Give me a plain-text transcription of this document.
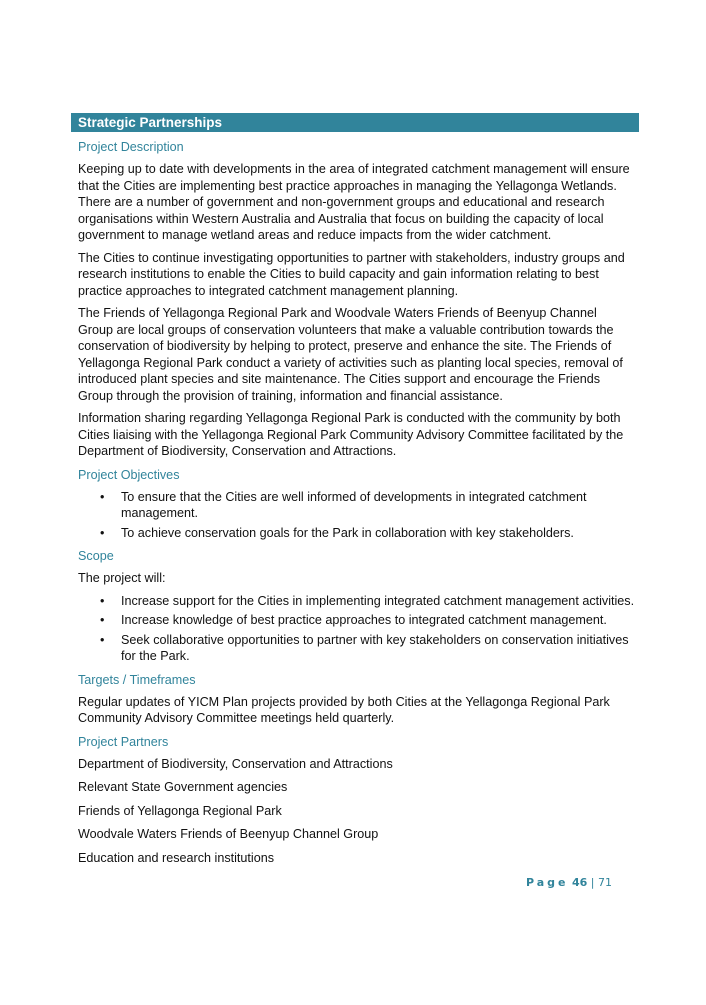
Strategic Partnerships
Project Description

Keeping up to date with developments in the area of integrated catchment management will ensure that the Cities are implementing best practice approaches in managing the Yellagonga Wetlands. There are a number of government and non-government groups and educational and research organisations within Western Australia and Australia that focus on building the capacity of local government to manage wetland areas and reduce impacts from the wider catchment.

The Cities to continue investigating opportunities to partner with stakeholders, industry groups and research institutions to enable the Cities to build capacity and gain information relating to best practice approaches to integrated catchment management planning.

The Friends of Yellagonga Regional Park and Woodvale Waters Friends of Beenyup Channel Group are local groups of conservation volunteers that make a valuable contribution towards the conservation of biodiversity by helping to protect, preserve and enhance the site. The Friends of Yellagonga Regional Park conduct a variety of activities such as planting local species, removal of introduced plant species and site maintenance. The Cities support and encourage the Friends Group through the provision of training, information and financial assistance.

Information sharing regarding Yellagonga Regional Park is conducted with the community by both Cities liaising with the Yellagonga Regional Park Community Advisory Committee facilitated by the Department of Biodiversity, Conservation and Attractions.

Project Objectives
• To ensure that the Cities are well informed of developments in integrated catchment management.
• To achieve conservation goals for the Park in collaboration with key stakeholders.
Scope

The project will:

• Increase support for the Cities in implementing integrated catchment management activities.
• Increase knowledge of best practice approaches to integrated catchment management.
• Seek collaborative opportunities to partner with key stakeholders on conservation initiatives for the Park.
Targets / Timeframes

Regular updates of YICM Plan projects provided by both Cities at the Yellagonga Regional Park Community Advisory Committee meetings held quarterly.

Project Partners

Department of Biodiversity, Conservation and Attractions

Relevant State Government agencies

Friends of Yellagonga Regional Park

Woodvale Waters Friends of Beenyup Channel Group

Education and research institutions

Page 46 | 71
